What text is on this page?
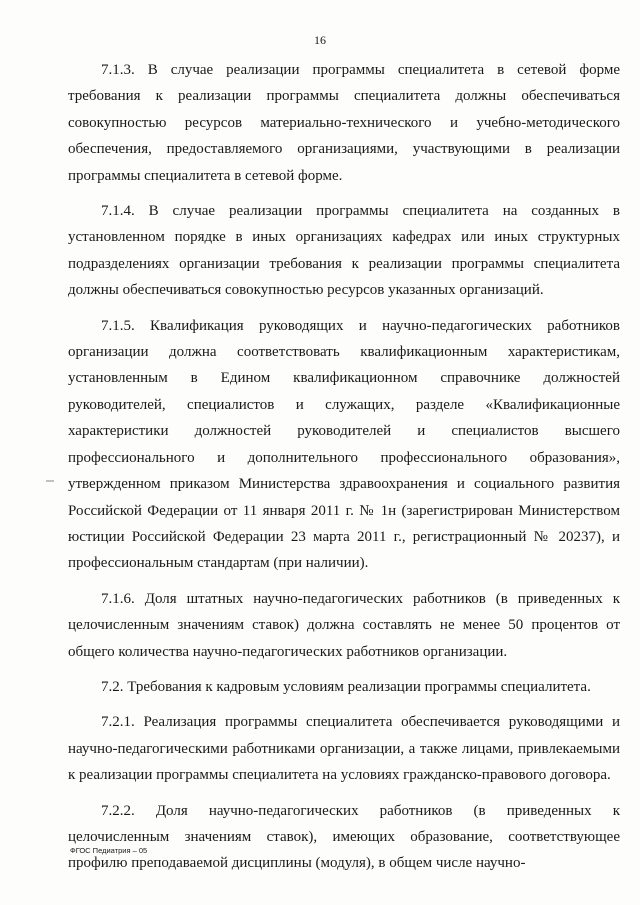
16

7.1.3. В случае реализации программы специалитета в сетевой форме требования к реализации программы специалитета должны обеспечиваться совокупностью ресурсов материально-технического и учебно-методического обеспечения, предоставляемого организациями, участвующими в реализации программы специалитета в сетевой форме.

7.1.4. В случае реализации программы специалитета на созданных в установленном порядке в иных организациях кафедрах или иных структурных подразделениях организации требования к реализации программы специалитета должны обеспечиваться совокупностью ресурсов указанных организаций.

7.1.5. Квалификация руководящих и научно-педагогических работников организации должна соответствовать квалификационным характеристикам, установленным в Едином квалификационном справочнике должностей руководителей, специалистов и служащих, разделе «Квалификационные характеристики должностей руководителей и специалистов высшего профессионального и дополнительного профессионального образования», утвержденном приказом Министерства здравоохранения и социального развития Российской Федерации от 11 января 2011 г. № 1н (зарегистрирован Министерством юстиции Российской Федерации 23 марта 2011 г., регистрационный № 20237), и профессиональным стандартам (при наличии).

7.1.6. Доля штатных научно-педагогических работников (в приведенных к целочисленным значениям ставок) должна составлять не менее 50 процентов от общего количества научно-педагогических работников организации.

7.2. Требования к кадровым условиям реализации программы специалитета.

7.2.1. Реализация программы специалитета обеспечивается руководящими и научно-педагогическими работниками организации, а также лицами, привлекаемыми к реализации программы специалитета на условиях гражданско-правового договора.

7.2.2. Доля научно-педагогических работников (в приведенных к целочисленным значениям ставок), имеющих образование, соответствующее профилю преподаваемой дисциплины (модуля), в общем числе научно-

ФГОС Педиатрия – 05
